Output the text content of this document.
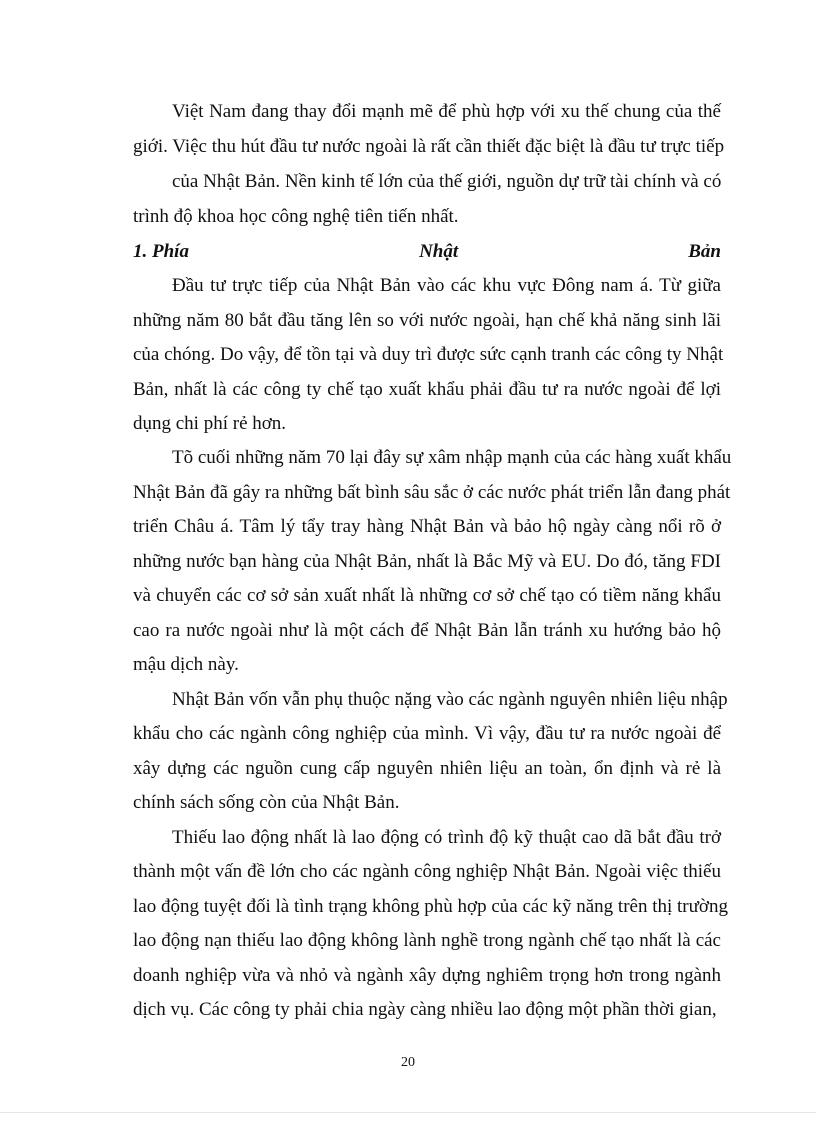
Việt Nam đang thay đổi mạnh mẽ để phù hợp với xu thế chung của thế
giới. Việc thu hút đầu tư nước ngoài là rất cần thiết đặc biệt là đầu tư trực tiếp
của Nhật Bản. Nền kinh tế lớn của thế giới, nguồn dự trữ tài chính và có
trình độ khoa học công nghệ tiên tiến nhất.
1. Phía	Nhật	Bản
Đầu tư trực tiếp của Nhật Bản vào các khu vực Đông nam á. Từ giữa
những năm 80 bắt đầu tăng lên so với nước ngoài, hạn chế khả năng sinh lãi
của chóng. Do vậy, để tồn tại và duy trì được sức cạnh tranh các công ty Nhật
Bản, nhất là các công ty chế tạo xuất khẩu phải đầu tư ra nước ngoài để lợi
dụng chi phí rẻ hơn.
Tõ cuối những năm 70 lại đây sự xâm nhập mạnh của các hàng xuất khẩu
Nhật Bản đã gây ra những bất bình sâu sắc ở các nước phát triển lẫn đang phát
triển Châu á. Tâm lý tẩy tray hàng Nhật Bản và bảo hộ ngày càng nổi rõ ở
những nước bạn hàng của Nhật Bản, nhất là Bắc Mỹ và EU. Do đó, tăng FDI
và chuyển các cơ sở sản xuất nhất là những cơ sở chế tạo có tiềm năng khẩu
cao ra nước ngoài như là một cách để Nhật Bản lẫn tránh xu hướng bảo hộ
mậu dịch này.
Nhật Bản vốn vẫn phụ thuộc nặng vào các ngành nguyên nhiên liệu nhập
khẩu cho các ngành công nghiệp của mình. Vì vậy, đầu tư ra nước ngoài để
xây dựng các nguồn cung cấp nguyên nhiên liệu an toàn, ổn định và rẻ là
chính sách sống còn của Nhật Bản.
Thiếu lao động nhất là lao động có trình độ kỹ thuật cao dã bắt đầu trở
thành một vấn đề lớn cho các ngành công nghiệp Nhật Bản. Ngoài việc thiếu
lao động tuyệt đối là tình trạng không phù hợp của các kỹ năng trên thị trường
lao động nạn thiếu lao động không lành nghề trong ngành chế tạo nhất là các
doanh nghiệp vừa và nhỏ và ngành xây dựng nghiêm trọng hơn trong ngành
dịch vụ. Các công ty phải chia ngày càng nhiều lao động một phần thời gian,
20
